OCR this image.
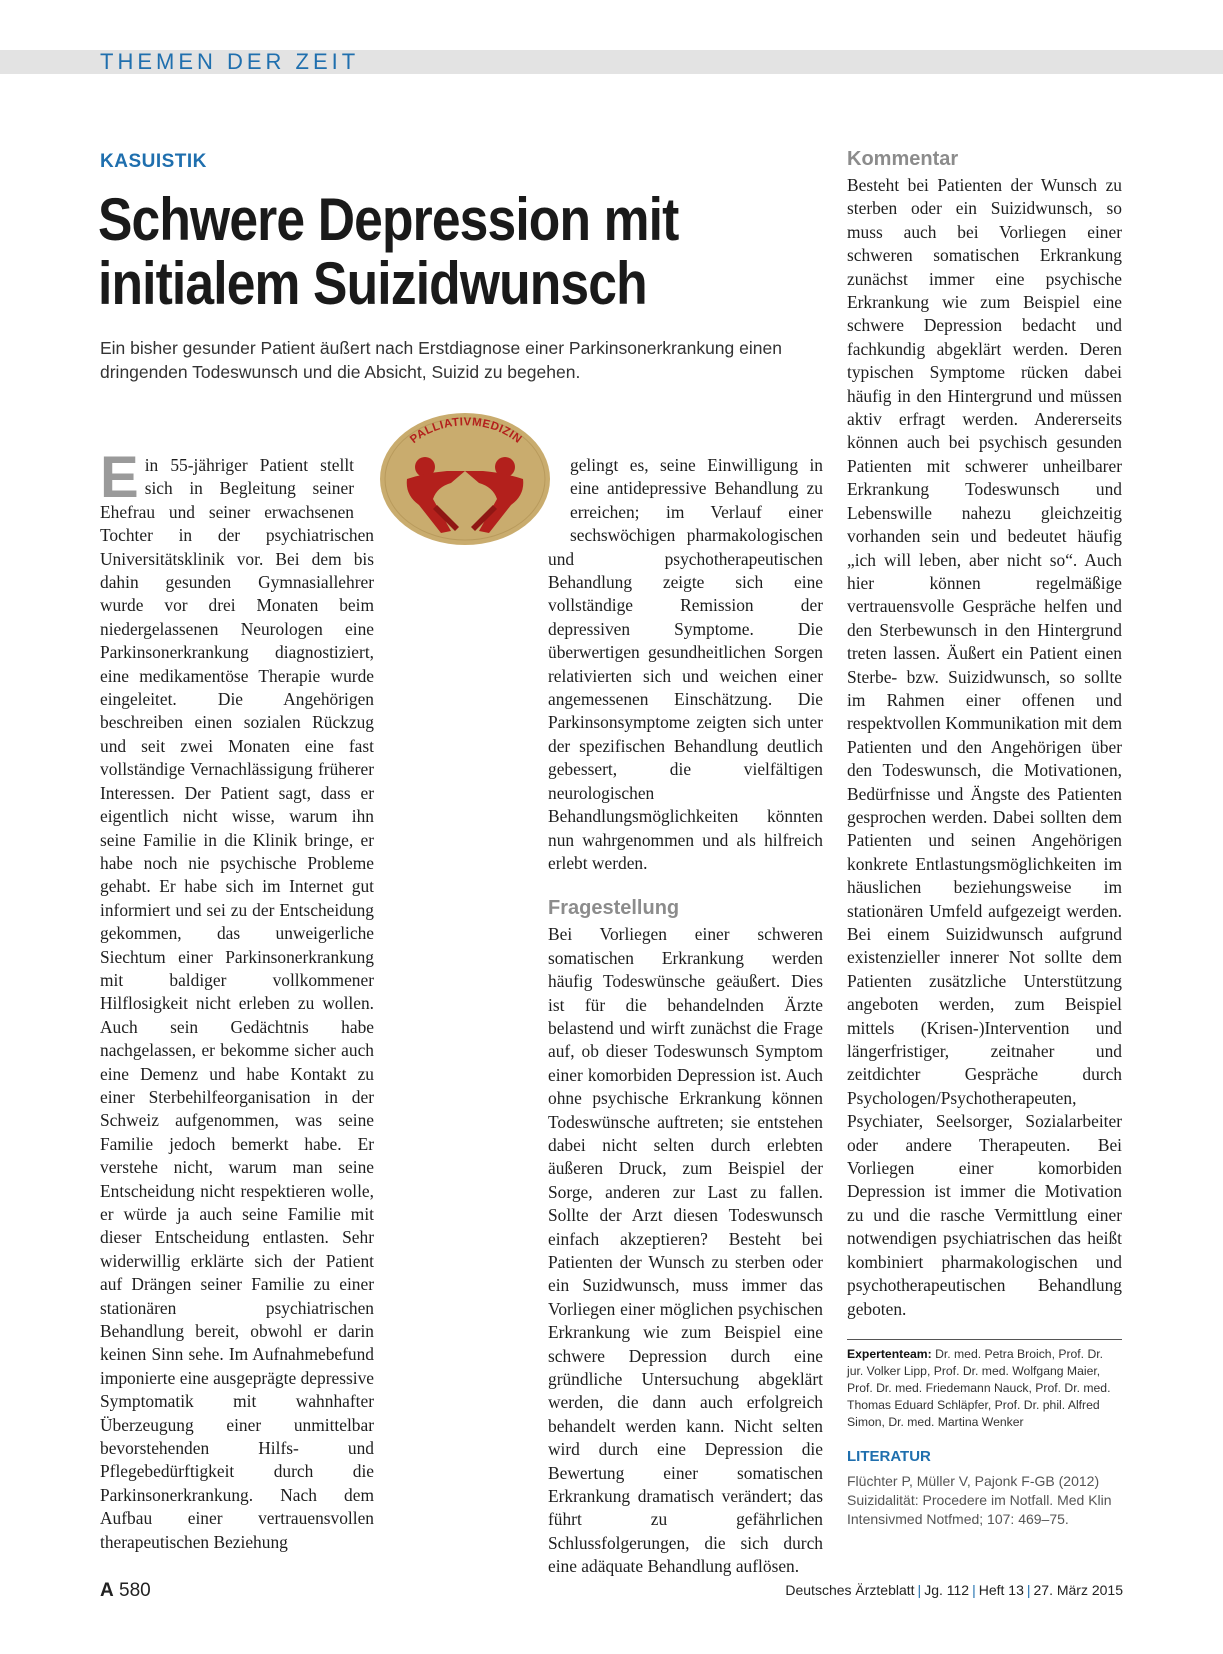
THEMEN DER ZEIT
KASUISTIK
Schwere Depression mit initialem Suizidwunsch

Ein bisher gesunder Patient äußert nach Erstdiagnose einer Parkinsonerkrankung einen dringenden Todeswunsch und die Absicht, Suizid zu begehen.

PALLIATIVMEDIZIN
E in 55-jähriger Patient stellt sich in Begleitung seiner Ehefrau und seiner erwachsenen Tochter in der psychiatrischen Universitätsklinik vor. Bei dem bis dahin gesunden Gymnasiallehrer wurde vor drei Monaten beim niedergelassenen Neurologen eine Parkinsonerkrankung diagnostiziert, eine medikamentöse Therapie wurde eingeleitet. Die Angehörigen beschreiben einen sozialen Rückzug und seit zwei Monaten eine fast vollständige Vernachlässigung früherer Interessen. Der Patient sagt, dass er eigentlich nicht wisse, warum ihn seine Familie in die Klinik bringe, er habe noch nie psychische Probleme gehabt. Er habe sich im Internet gut informiert und sei zu der Entscheidung gekommen, das unweigerliche Siechtum einer Parkinsonerkrankung mit baldiger vollkommener Hilflosigkeit nicht erleben zu wollen. Auch sein Gedächtnis habe nachgelassen, er bekomme sicher auch eine Demenz und habe Kontakt zu einer Sterbehilfeorganisation in der Schweiz aufgenommen, was seine Familie jedoch bemerkt habe. Er verstehe nicht, warum man seine Entscheidung nicht respektieren wolle, er würde ja auch seine Familie mit dieser Entscheidung entlasten. Sehr widerwillig erklärte sich der Patient auf Drängen seiner Familie zu einer stationären psychiatrischen Behandlung bereit, obwohl er darin keinen Sinn sehe. Im Aufnahmebefund imponierte eine ausgeprägte depressive Symptomatik mit wahnhafter Überzeugung einer unmittelbar bevorstehenden Hilfs- und Pflegebedürftigkeit durch die Parkinsonerkrankung. Nach dem Aufbau einer vertrauensvollen therapeutischen Beziehung

gelingt es, seine Einwilligung in eine antidepressive Behandlung zu erreichen; im Verlauf einer sechswöchigen pharmakologischen und psychotherapeutischen Behandlung zeigte sich eine vollständige Remission der depressiven Symptome. Die überwertigen gesundheitlichen Sorgen relativierten sich und weichen einer angemessenen Einschätzung. Die Parkinsonsymptome zeigten sich unter der spezifischen Behandlung deutlich gebessert, die vielfältigen neurologischen Behandlungsmöglichkeiten könnten nun wahrgenommen und als hilfreich erlebt werden.

Fragestellung

Bei Vorliegen einer schweren somatischen Erkrankung werden häufig Todeswünsche geäußert. Dies ist für die behandelnden Ärzte belastend und wirft zunächst die Frage auf, ob dieser Todeswunsch Symptom einer komorbiden Depression ist. Auch ohne psychische Erkrankung können Todeswünsche auftreten; sie entstehen dabei nicht selten durch erlebten äußeren Druck, zum Beispiel der Sorge, anderen zur Last zu fallen. Sollte der Arzt diesen Todeswunsch einfach akzeptieren? Besteht bei Patienten der Wunsch zu sterben oder ein Suzidwunsch, muss immer das Vorliegen einer möglichen psychischen Erkrankung wie zum Beispiel eine schwere Depression durch eine gründliche Untersuchung abgeklärt werden, die dann auch erfolgreich behandelt werden kann. Nicht selten wird durch eine Depression die Bewertung einer somatischen Erkrankung dramatisch verändert; das führt zu gefährlichen Schlussfolgerungen, die sich durch eine adäquate Behandlung auflösen.

Kommentar

Besteht bei Patienten der Wunsch zu sterben oder ein Suizidwunsch, so muss auch bei Vorliegen einer schweren somatischen Erkrankung zunächst immer eine psychische Erkrankung wie zum Beispiel eine schwere Depression bedacht und fachkundig abgeklärt werden. Deren typischen Symptome rücken dabei häufig in den Hintergrund und müssen aktiv erfragt werden. Andererseits können auch bei psychisch gesunden Patienten mit schwerer unheilbarer Erkrankung Todeswunsch und Lebenswille nahezu gleichzeitig vorhanden sein und bedeutet häufig „ich will leben, aber nicht so“. Auch hier können regelmäßige vertrauensvolle Gespräche helfen und den Sterbewunsch in den Hintergrund treten lassen. Äußert ein Patient einen Sterbe- bzw. Suizidwunsch, so sollte im Rahmen einer offenen und respektvollen Kommunikation mit dem Patienten und den Angehörigen über den Todeswunsch, die Motivationen, Bedürfnisse und Ängste des Patienten gesprochen werden. Dabei sollten dem Patienten und seinen Angehörigen konkrete Entlastungsmöglichkeiten im häuslichen beziehungsweise im stationären Umfeld aufgezeigt werden. Bei einem Suizidwunsch aufgrund existenzieller innerer Not sollte dem Patienten zusätzliche Unterstützung angeboten werden, zum Beispiel mittels (Krisen-)Intervention und längerfristiger, zeitnaher und zeitdichter Gespräche durch Psychologen/Psychotherapeuten, Psychiater, Seelsorger, Sozialarbeiter oder andere Therapeuten. Bei Vorliegen einer komorbiden Depression ist immer die Motivation zu und die rasche Vermittlung einer notwendigen psychiatrischen das heißt kombiniert pharmakologischen und psychotherapeutischen Behandlung geboten.

Expertenteam: Dr. med. Petra Broich, Prof. Dr. jur. Volker Lipp, Prof. Dr. med. Wolfgang Maier, Prof. Dr. med. Friedemann Nauck, Prof. Dr. med. Thomas Eduard Schläpfer, Prof. Dr. phil. Alfred Simon, Dr. med. Martina Wenker
LITERATUR
Flüchter P, Müller V, Pajonk F-GB (2012) Suizidalität: Procedere im Notfall. Med Klin Intensivmed Notfmed; 107: 469–75.
A 580	Deutsches Ärzteblatt | Jg. 112 | Heft 13 | 27. März 2015
